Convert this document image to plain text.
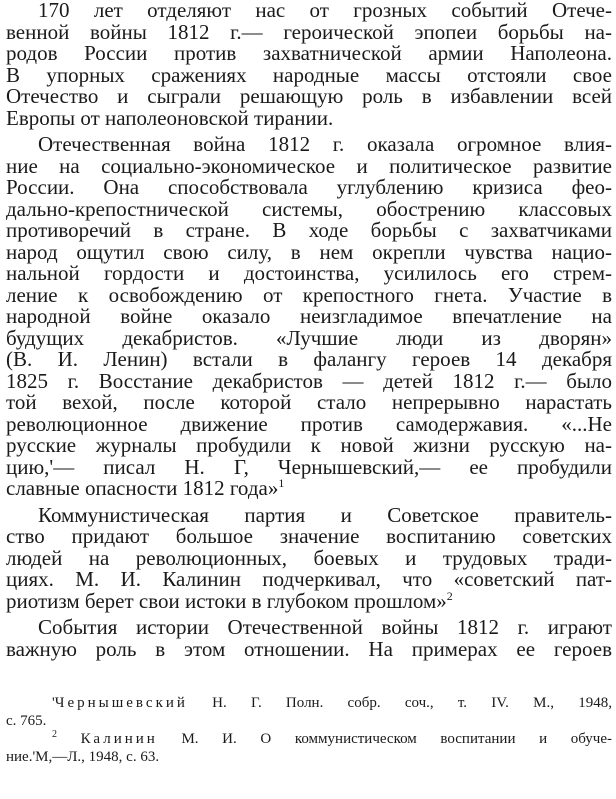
170 лет отделяют нас от грозных событий Отече-
венной войны 1812 г.— героической эпопеи борьбы на-
родов России против захватнической армии Наполеона.
В упорных сражениях народные массы отстояли свое
Отечество и сыграли решающую роль в избавлении всей
Европы от наполеоновской тирании.
Отечественная война 1812 г. оказала огромное влия-
ние на социально-экономическое и политическое развитие
России. Она способствовала углублению кризиса фео-
дально-крепостнической системы, обострению классовых
противоречий в стране. В ходе борьбы с захватчиками
народ ощутил свою силу, в нем окрепли чувства нацио-
нальной гордости и достоинства, усилилось его стрем-
ление к освобождению от крепостного гнета. Участие в
народной войне оказало неизгладимое впечатление на
будущих декабристов. «Лучшие люди из дворян»
(В. И. Ленин) встали в фалангу героев 14 декабря
1825 г. Восстание декабристов — детей 1812 г.— было
той вехой, после которой стало непрерывно нарастать
революционное движение против самодержавия. «...Не
русские журналы пробудили к новой жизни русскую на-
цию,'— писал Н. Г, Чернышевский,— ее пробудили
славные опасности 1812 года»$^1$
Коммунистическая партия и Советское правитель-
ство придают большое значение воспитанию советских
людей на революционных, боевых и трудовых тради-
циях. М. И. Калинин подчеркивал, что «советский пат-
риотизм берет свои истоки в глубоком прошлом»$^2$
События истории Отечественной войны 1812 г. играют
важную роль в этом отношении. На примерах ее героев
'Чернышевский Н. Г. Полн. собр. соч., т. IV. М., 1948,
с. 765.
$^2$ Калинин М. И. О коммунистическом воспитании и обуче-
ние.'М,—Л., 1948, с. 63.
